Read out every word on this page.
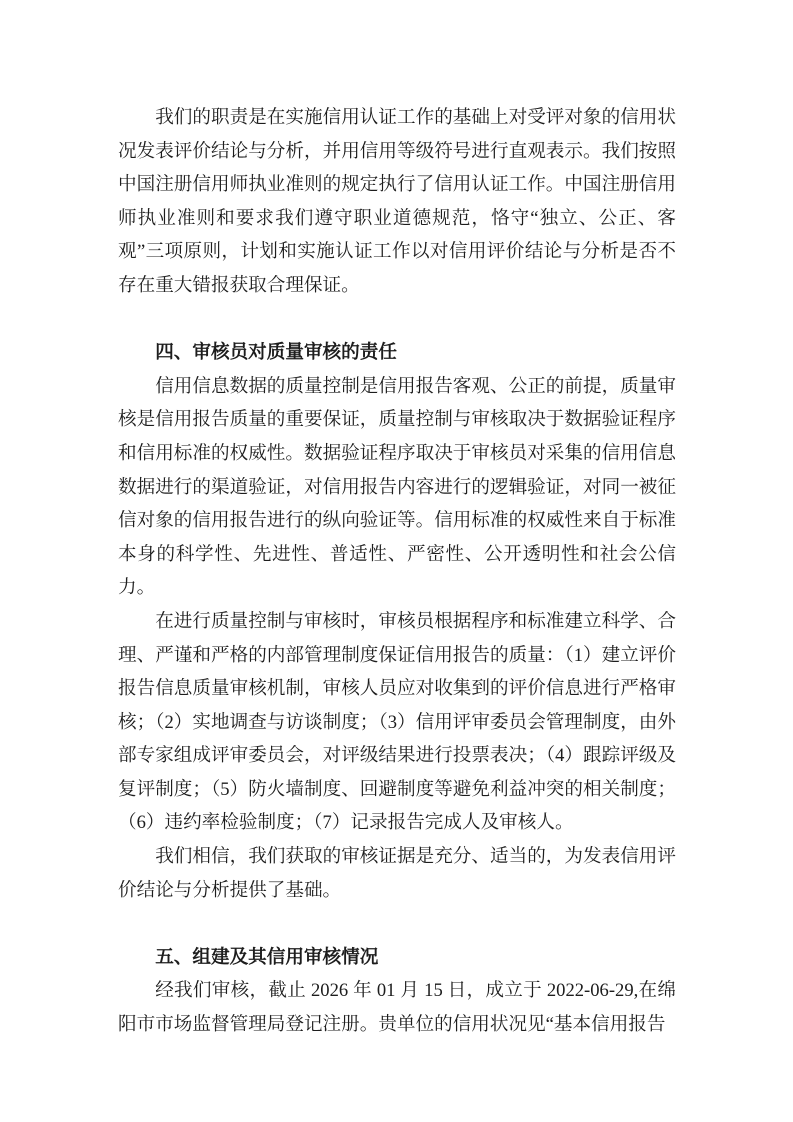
我们的职责是在实施信用认证工作的基础上对受评对象的信用状况发表评价结论与分析，并用信用等级符号进行直观表示。我们按照中国注册信用师执业准则的规定执行了信用认证工作。中国注册信用师执业准则和要求我们遵守职业道德规范，恪守“独立、公正、客观”三项原则，计划和实施认证工作以对信用评价结论与分析是否不存在重大错报获取合理保证。

四、审核员对质量审核的责任

信用信息数据的质量控制是信用报告客观、公正的前提，质量审核是信用报告质量的重要保证，质量控制与审核取决于数据验证程序和信用标准的权威性。数据验证程序取决于审核员对采集的信用信息数据进行的渠道验证，对信用报告内容进行的逻辑验证，对同一被征信对象的信用报告进行的纵向验证等。信用标准的权威性来自于标准本身的科学性、先进性、普适性、严密性、公开透明性和社会公信力。

在进行质量控制与审核时，审核员根据程序和标准建立科学、合理、严谨和严格的内部管理制度保证信用报告的质量：（1）建立评价报告信息质量审核机制，审核人员应对收集到的评价信息进行严格审核；（2）实地调查与访谈制度；（3）信用评审委员会管理制度，由外部专家组成评审委员会，对评级结果进行投票表决；（4）跟踪评级及复评制度；（5）防火墙制度、回避制度等避免利益冲突的相关制度；（6）违约率检验制度；（7）记录报告完成人及审核人。

我们相信，我们获取的审核证据是充分、适当的，为发表信用评价结论与分析提供了基础。

五、组建及其信用审核情况

经我们审核，截止 2026 年 01 月 15 日，成立于 2022-06-29,在绵阳市市场监督管理局登记注册。贵单位的信用状况见“基本信用报告
